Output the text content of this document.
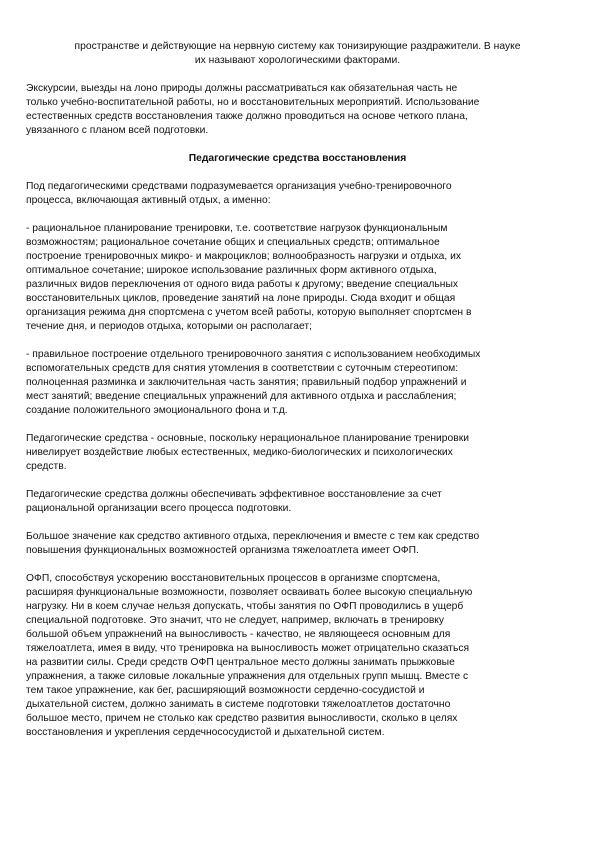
пространстве и действующие на нервную систему как тонизирующие раздражители. В науке
их называют хорологическими факторами.

Экскурсии, выезды на лоно природы должны рассматриваться как обязательная часть не
только учебно-воспитательной работы, но и восстановительных мероприятий. Использование
естественных средств восстановления также должно проводиться на основе четкого плана,
увязанного с планом всей подготовки.

Педагогические средства восстановления

Под педагогическими средствами подразумевается организация учебно-тренировочного
процесса, включающая активный отдых, а именно:

- рациональное планирование тренировки, т.е. соответствие нагрузок функциональным
возможностям; рациональное сочетание общих и специальных средств; оптимальное
построение тренировочных микро- и макроциклов; волнообразность нагрузки и отдыха, их
оптимальное сочетание; широкое использование различных форм активного отдыха,
различных видов переключения от одного вида работы к другому; введение специальных
восстановительных циклов, проведение занятий на лоне природы. Сюда входит и общая
организация режима дня спортсмена с учетом всей работы, которую выполняет спортсмен в
течение дня, и периодов отдыха, которыми он располагает;

- правильное построение отдельного тренировочного занятия с использованием необходимых
вспомогательных средств для снятия утомления в соответствии с суточным стереотипом:
полноценная разминка и заключительная часть занятия; правильный подбор упражнений и
мест занятий; введение специальных упражнений для активного отдыха и расслабления;
создание положительного эмоционального фона и т.д.

Педагогические средства - основные, поскольку нерациональное планирование тренировки
нивелирует воздействие любых естественных, медико-биологических и психологических
средств.

Педагогические средства должны обеспечивать эффективное восстановление за счет
рациональной организации всего процесса подготовки.

Большое значение как средство активного отдыха, переключения и вместе с тем как средство
повышения функциональных возможностей организма тяжелоатлета имеет ОФП.

ОФП, способствуя ускорению восстановительных процессов в организме спортсмена,
расширяя функциональные возможности, позволяет осваивать более высокую специальную
нагрузку. Ни в коем случае нельзя допускать, чтобы занятия по ОФП проводились в ущерб
специальной подготовке. Это значит, что не следует, например, включать в тренировку
большой объем упражнений на выносливость - качество, не являющееся основным для
тяжелоатлета, имея в виду, что тренировка на выносливость может отрицательно сказаться
на развитии силы. Среди средств ОФП центральное место должны занимать прыжковые
упражнения, а также силовые локальные упражнения для отдельных групп мышц. Вместе с
тем такое упражнение, как бег, расширяющий возможности сердечно-сосудистой и
дыхательной систем, должно занимать в системе подготовки тяжелоатлетов достаточно
большое место, причем не столько как средство развития выносливости, сколько в целях
восстановления и укрепления сердечнососудистой и дыхательной систем.
